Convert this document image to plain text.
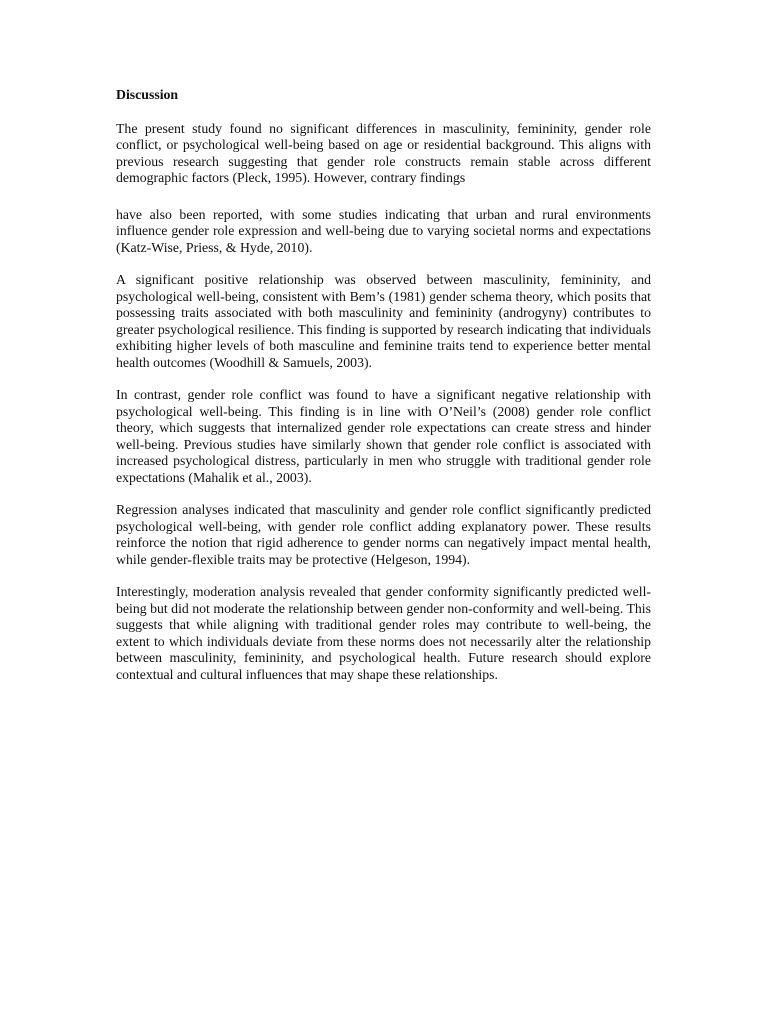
Discussion

The present study found no significant differences in masculinity, femininity, gender role conflict, or psychological well-being based on age or residential background. This aligns with previous research suggesting that gender role constructs remain stable across different demographic factors (Pleck, 1995). However, contrary findings

have also been reported, with some studies indicating that urban and rural environments influence gender role expression and well-being due to varying societal norms and expectations (Katz-Wise, Priess, & Hyde, 2010).

A significant positive relationship was observed between masculinity, femininity, and psychological well-being, consistent with Bem’s (1981) gender schema theory, which posits that possessing traits associated with both masculinity and femininity (androgyny) contributes to greater psychological resilience. This finding is supported by research indicating that individuals exhibiting higher levels of both masculine and feminine traits tend to experience better mental health outcomes (Woodhill & Samuels, 2003).

In contrast, gender role conflict was found to have a significant negative relationship with psychological well-being. This finding is in line with O’Neil’s (2008) gender role conflict theory, which suggests that internalized gender role expectations can create stress and hinder well-being. Previous studies have similarly shown that gender role conflict is associated with increased psychological distress, particularly in men who struggle with traditional gender role expectations (Mahalik et al., 2003).

Regression analyses indicated that masculinity and gender role conflict significantly predicted psychological well-being, with gender role conflict adding explanatory power. These results reinforce the notion that rigid adherence to gender norms can negatively impact mental health, while gender-flexible traits may be protective (Helgeson, 1994).

Interestingly, moderation analysis revealed that gender conformity significantly predicted well-being but did not moderate the relationship between gender non-conformity and well-being. This suggests that while aligning with traditional gender roles may contribute to well-being, the extent to which individuals deviate from these norms does not necessarily alter the relationship between masculinity, femininity, and psychological health. Future research should explore contextual and cultural influences that may shape these relationships.
